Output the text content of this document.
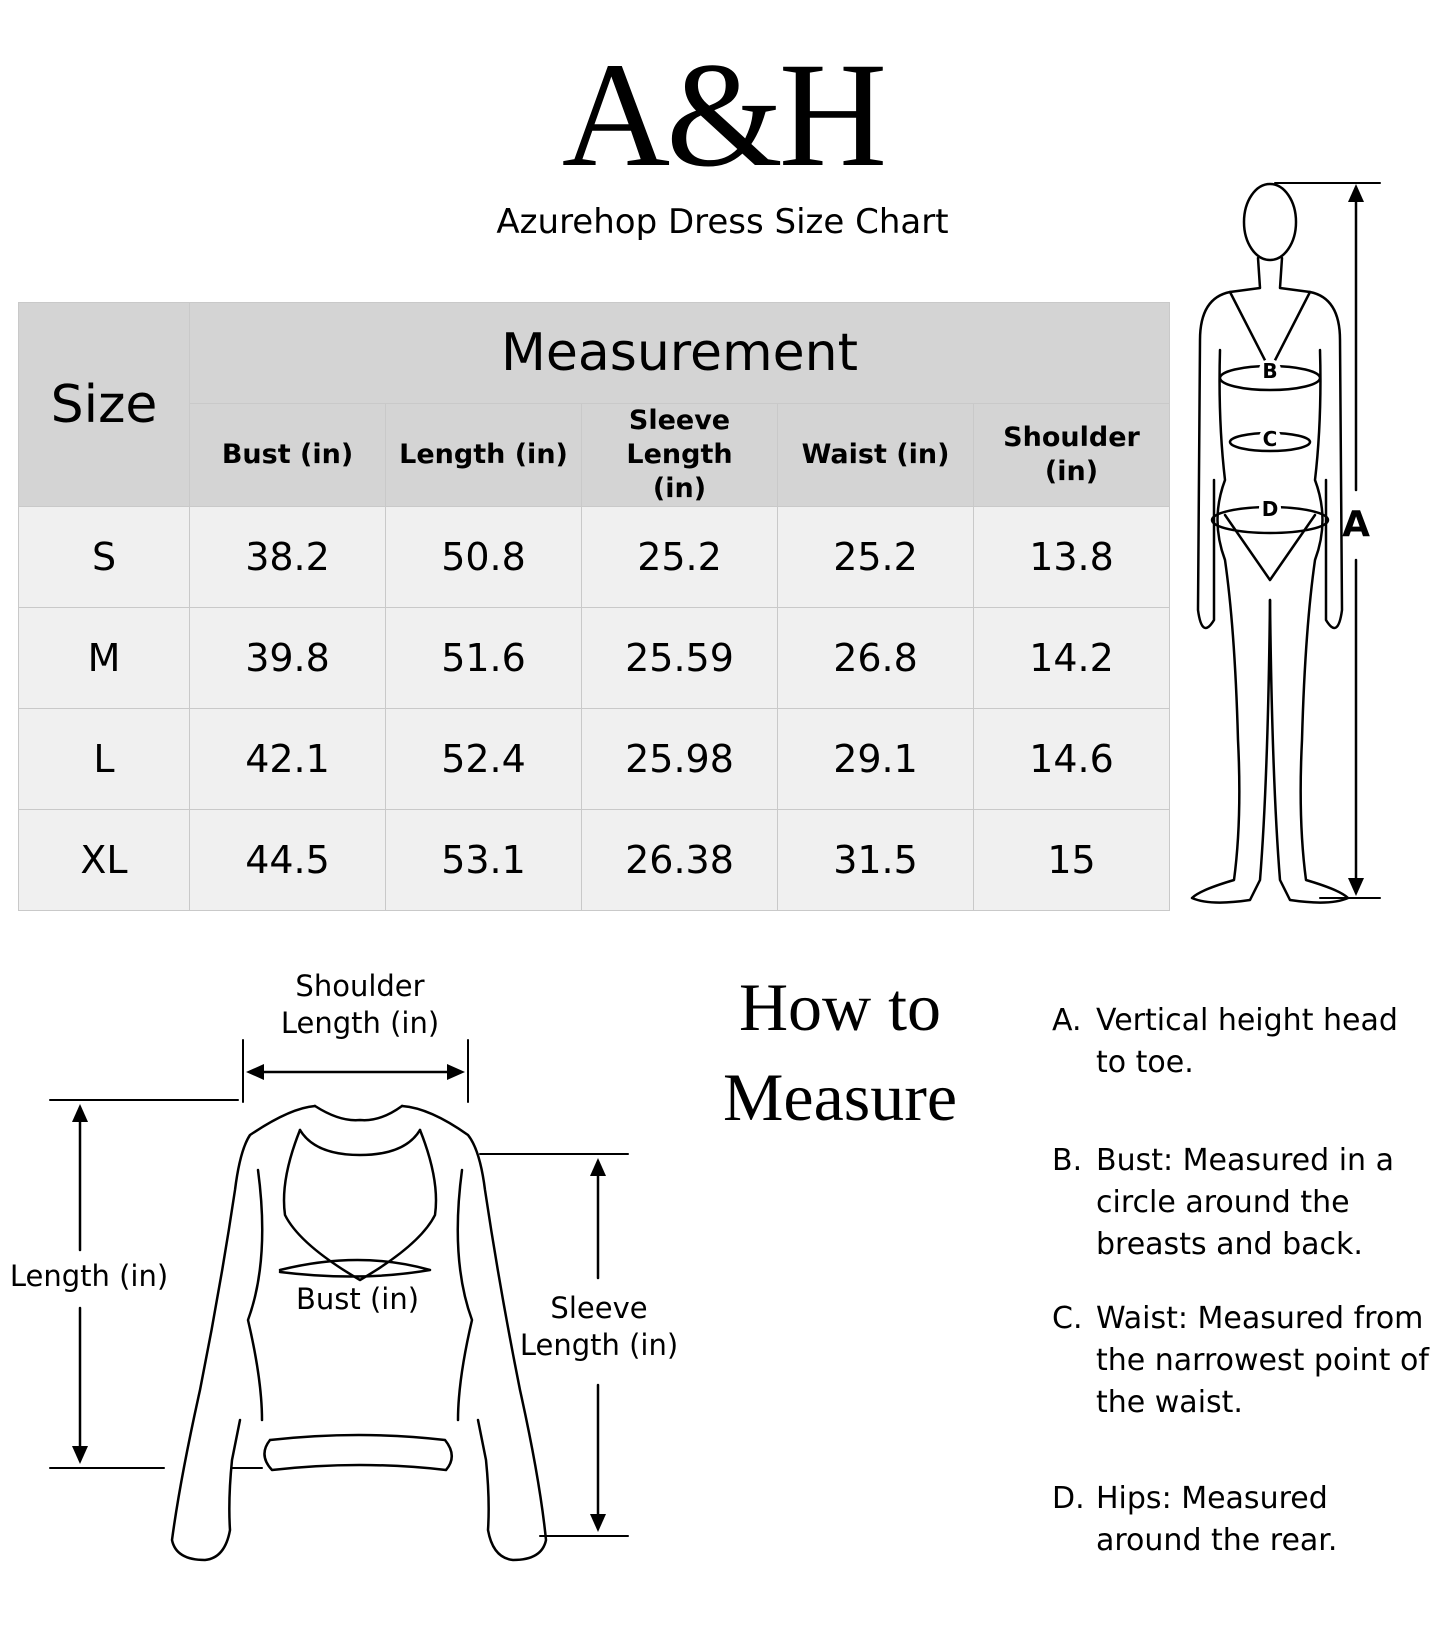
A&H
Azurehop Dress Size Chart
Size	Measurement				
	Bust (in)	Length (in)	Sleeve Length (in)	Waist (in)	Shoulder (in)
S	38.2	50.8	25.2	25.2	13.8
M	39.8	51.6	25.59	26.8	14.2
L	42.1	52.4	25.98	29.1	14.6
XL	44.5	53.1	26.38	31.5	15
B
C
D A
How to
Measure
A. Vertical height head to toe.
B. Bust: Measured in a circle around the breasts and back.
C. Waist: Measured from the narrowest point of the waist.
D. Hips: Measured around the rear.
Shoulder
Length (in)
Length (in)
Bust (in)	Sleeve
Length (in)
